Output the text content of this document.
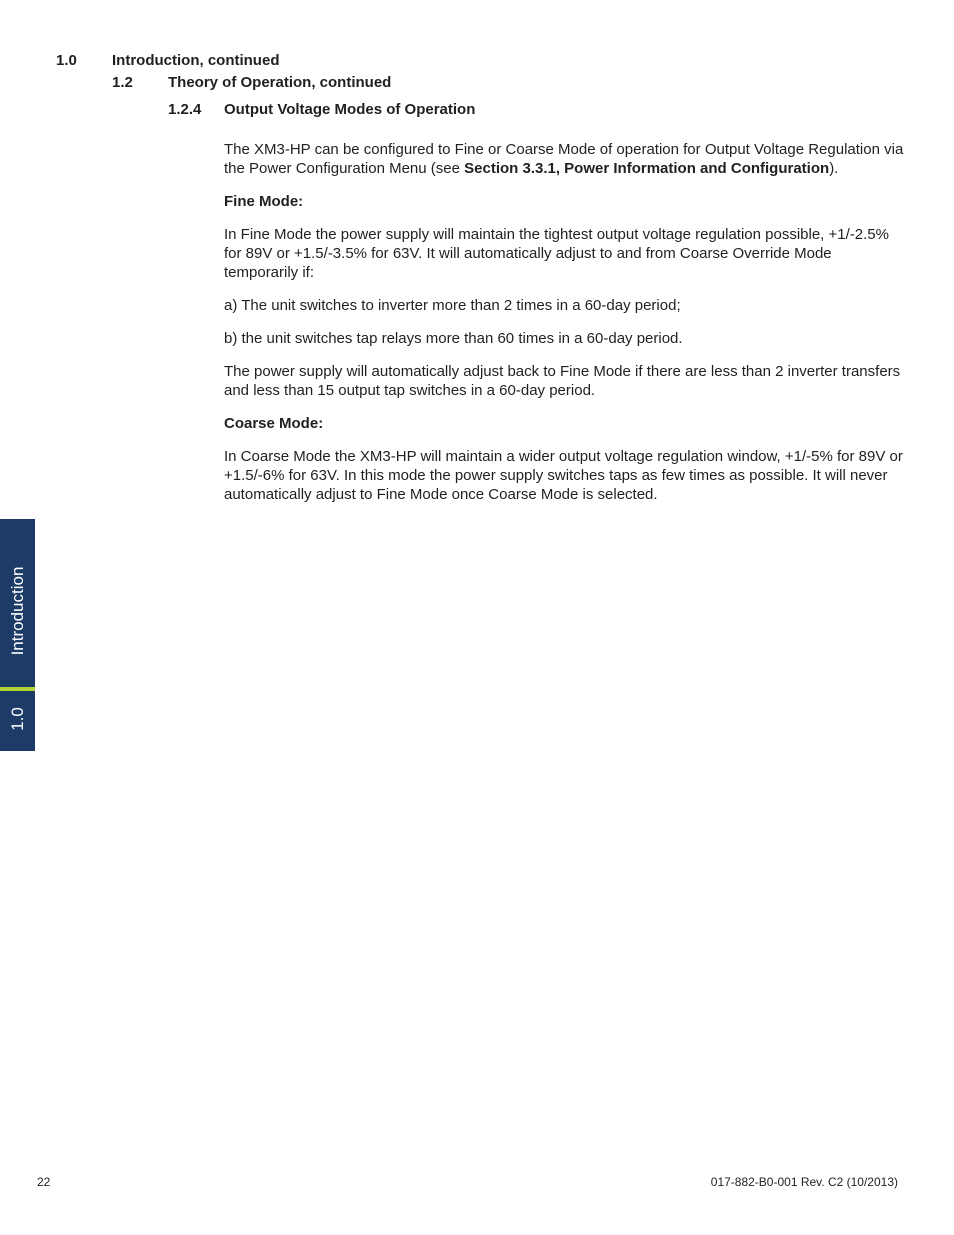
1.0 Introduction, continued
1.2 Theory of Operation, continued
1.2.4 Output Voltage Modes of Operation

The XM3-HP can be configured to Fine or Coarse Mode of operation for Output Voltage Regulation via the Power Configuration Menu (see Section 3.3.1, Power Information and Configuration).

Fine Mode:

In Fine Mode the power supply will maintain the tightest output voltage regulation possible, +1/-2.5% for 89V or +1.5/-3.5% for 63V. It will automatically adjust to and from Coarse Override Mode temporarily if:

a) The unit switches to inverter more than 2 times in a 60-day period;

b) the unit switches tap relays more than 60 times in a 60-day period.

The power supply will automatically adjust back to Fine Mode if there are less than 2 inverter transfers and less than 15 output tap switches in a 60-day period.

Coarse Mode:

In Coarse Mode the XM3-HP will maintain a wider output voltage regulation window, +1/-5% for 89V or +1.5/-6% for 63V. In this mode the power supply switches taps as few times as possible. It will never automatically adjust to Fine Mode once Coarse Mode is selected.

Introduction
1.0
22	017-882-B0-001 Rev. C2 (10/2013)
